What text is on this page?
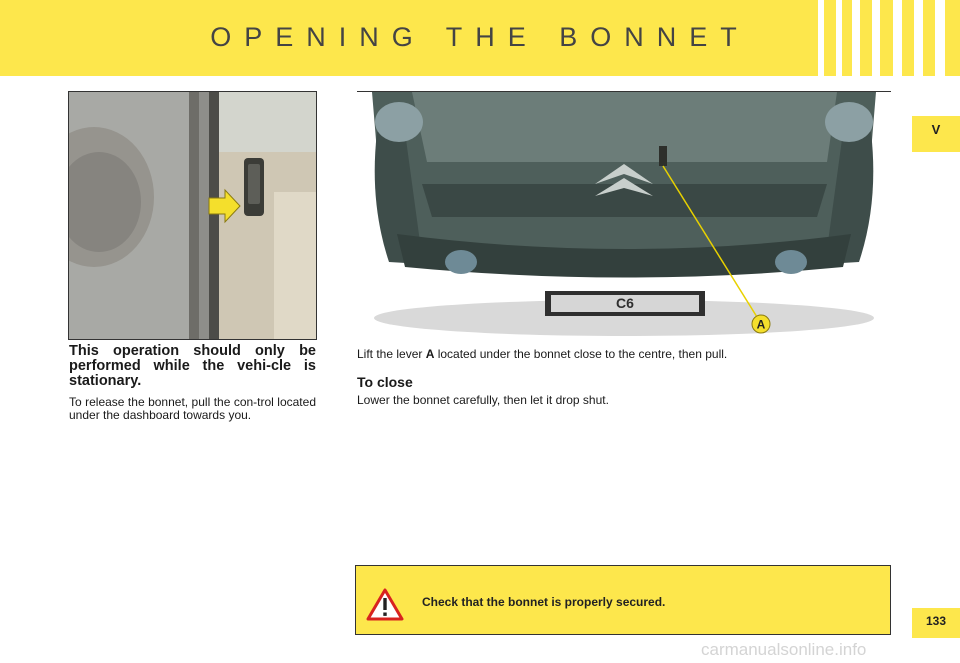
OPENING THE BONNET
V
133
A
C6

This operation should only be performed while the vehi-cle is stationary.

To release the bonnet, pull the con-trol located under the dashboard towards you.

Lift the lever A located under the bonnet close to the centre, then pull.

To close

Lower the bonnet carefully, then let it drop shut.

Check that the bonnet is properly secured.
carmanualsonline.info
